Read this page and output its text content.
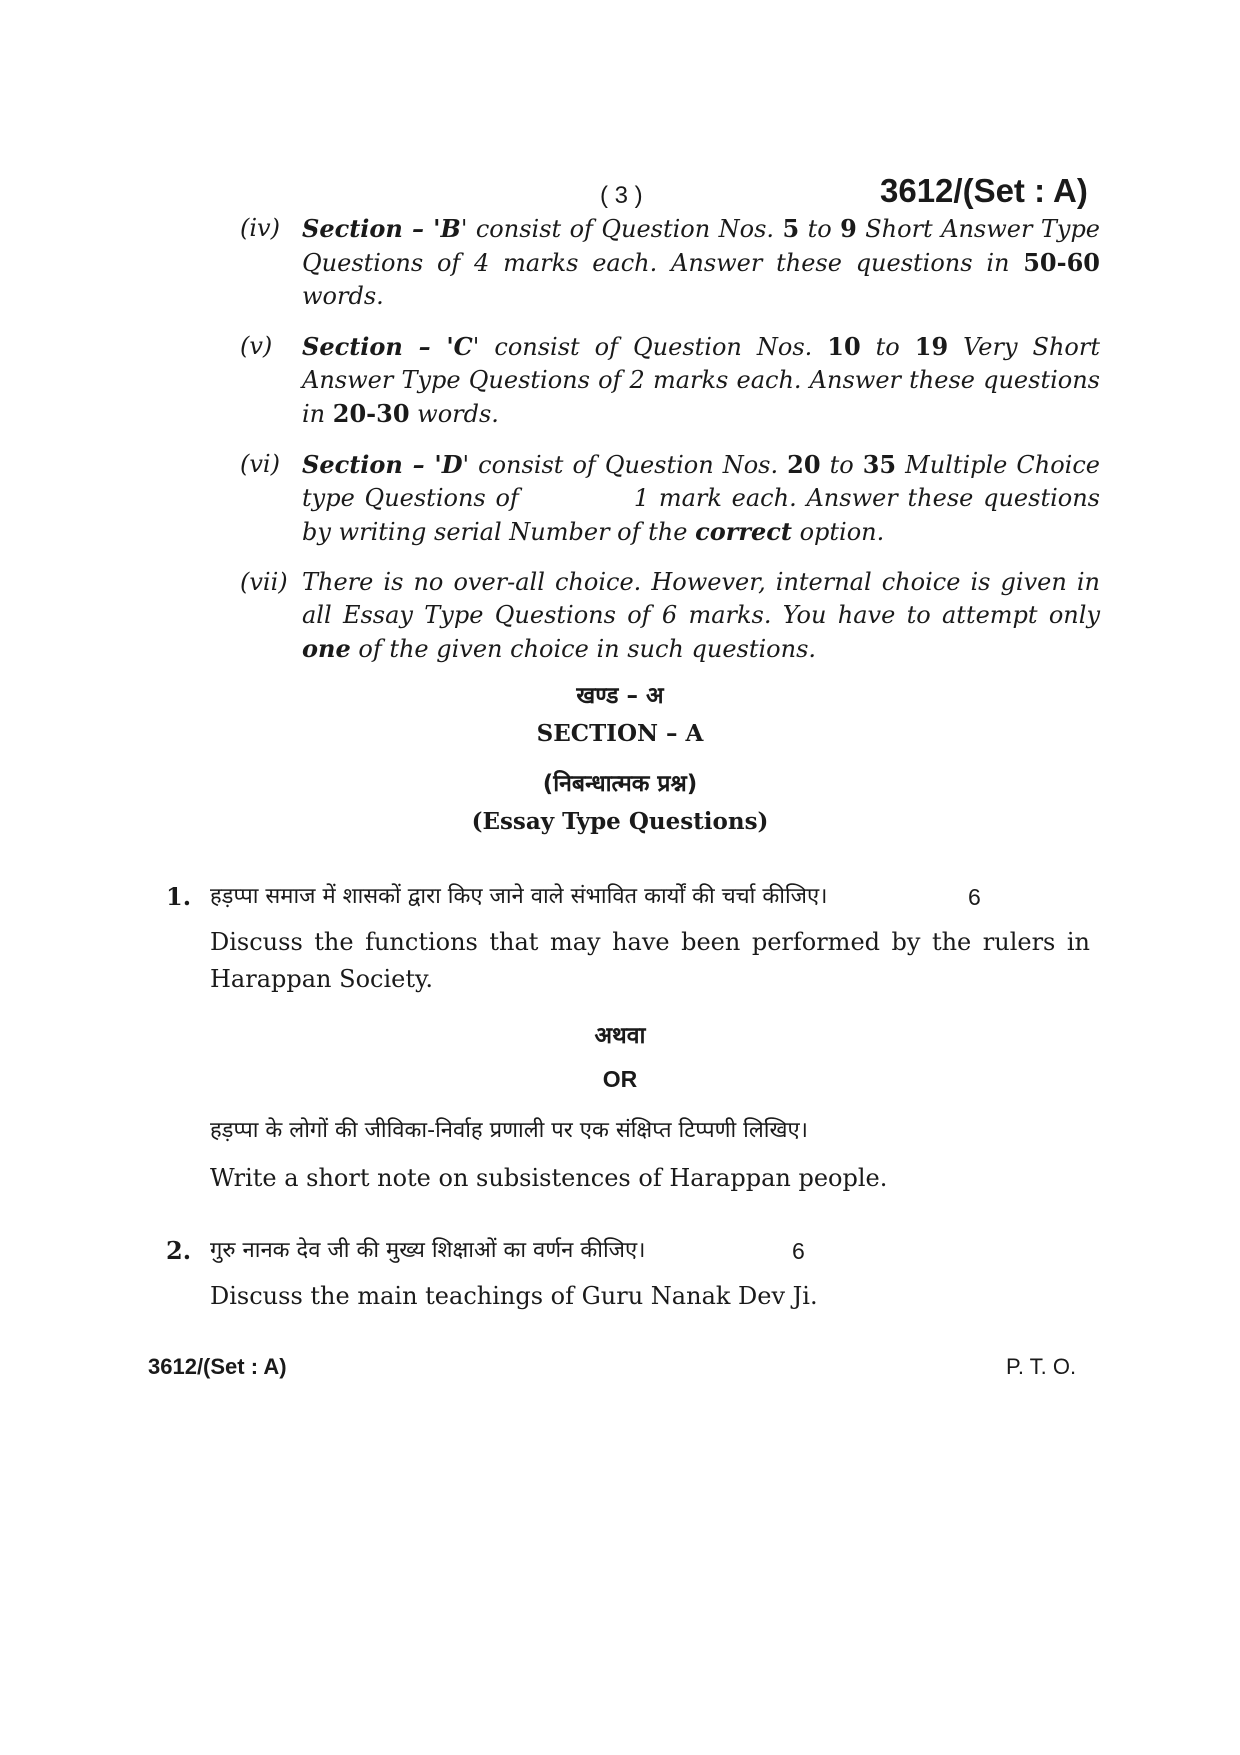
( 3 )	3612/(Set : A)
(iv) Section – 'B' consist of Question Nos. 5 to 9 Short Answer Type Questions of 4 marks each. Answer these questions in 50-60 words.
(v)	Section – 'C' consist of Question Nos. 10 to 19 Very Short Answer Type Questions of 2 marks each. Answer these questions in 20-30 words.
(vi) Section – 'D' consist of Question Nos. 20 to 35 Multiple Choice type Questions of	1 mark each. Answer these questions by writing serial Number of the correct option.
(vii) There is no over-all choice. However, internal choice is given in all Essay Type Questions of 6 marks. You have to attempt only one of the given choice in such questions.
खण्ड – अ
SECTION – A
(निबन्धात्मक प्रश्न)
(Essay Type Questions)
1. हड़प्पा समाज में शासकों द्वारा किए जाने वाले संभावित कार्यों की चर्चा कीजिए।	6
Discuss the functions that may have been performed by the rulers in Harappan Society.
अथवा
OR
हड़प्पा के लोगों की जीविका-निर्वाह प्रणाली पर एक संक्षिप्त टिप्पणी लिखिए।
Write a short note on subsistences of Harappan people.
2. गुरु नानक देव जी की मुख्य शिक्षाओं का वर्णन कीजिए।	6
Discuss the main teachings of Guru Nanak Dev Ji.
3612/(Set : A)	P. T. O.
